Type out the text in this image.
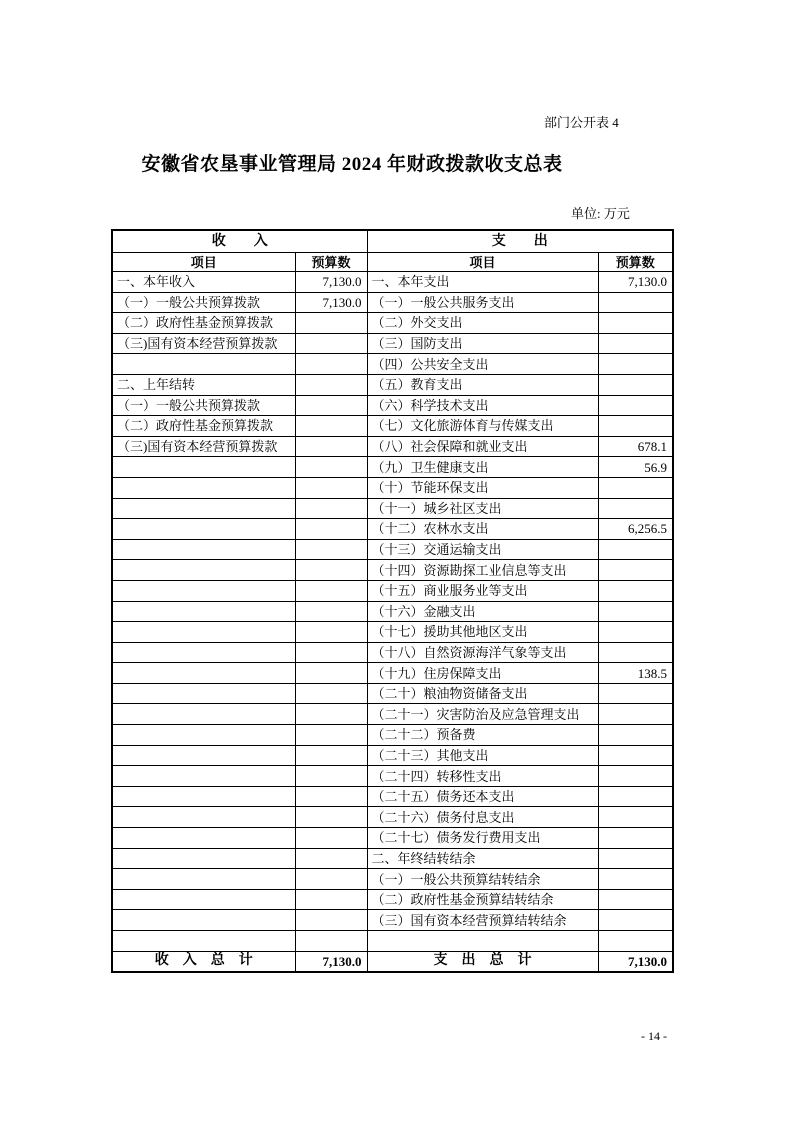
部门公开表 4
安徽省农垦事业管理局 2024 年财政拨款收支总表
单位: 万元
收　　入		支　　出	
项目	预算数	项目	预算数
一、本年收入	7,130.0	一、本年支出	7,130.0
（一）一般公共预算拨款	7,130.0	（一）一般公共服务支出	
（二）政府性基金预算拨款		（二）外交支出	
（三)国有资本经营预算拨款		（三）国防支出	
		（四）公共安全支出	
二、上年结转		（五）教育支出	
（一）一般公共预算拨款		（六）科学技术支出	
（二）政府性基金预算拨款		（七）文化旅游体育与传媒支出	
（三)国有资本经营预算拨款		（八）社会保障和就业支出	678.1
		（九）卫生健康支出	56.9
		（十）节能环保支出	
		（十一）城乡社区支出	
		（十二）农林水支出	6,256.5
		（十三）交通运输支出	
		（十四）资源勘探工业信息等支出	
		（十五）商业服务业等支出	
		（十六）金融支出	
		（十七）援助其他地区支出	
		（十八）自然资源海洋气象等支出	
		（十九）住房保障支出	138.5
		（二十）粮油物资储备支出	
		（二十一）灾害防治及应急管理支出	
		（二十二）预备费	
		（二十三）其他支出	
		（二十四）转移性支出	
		（二十五）债务还本支出	
		（二十六）债务付息支出	
		（二十七）债务发行费用支出	
		二、年终结转结余	
		（一）一般公共预算结转结余	
		（二）政府性基金预算结转结余	
		（三）国有资本经营预算结转结余	

收　入　总　计	7,130.0	支　出　总　计	7,130.0
- 14 -
